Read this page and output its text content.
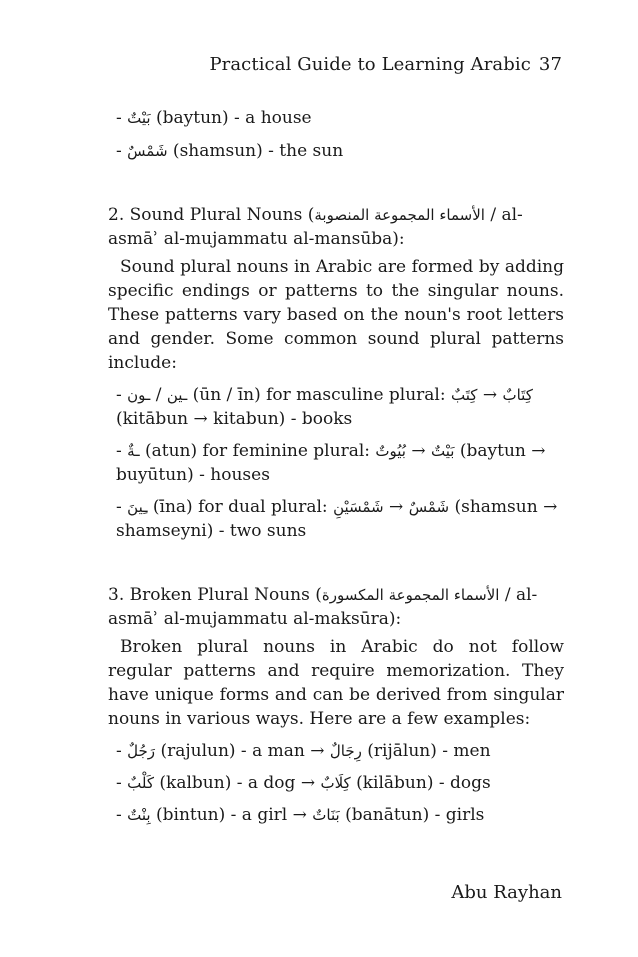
Practical Guide to Learning Arabic 37
- بَيْتٌ (baytun) - a house
- شَمْسٌ (shamsun) - the sun

2. Sound Plural Nouns (الأسماء المجموعة المنصوبة / al-asmāʾ al-mujammatu al-mansūba):

Sound plural nouns in Arabic are formed by adding specific endings or patterns to the singular nouns. These patterns vary based on the noun's root letters and gender. Some common sound plural patterns include:

- ـون / ـين (ūn / īn) for masculine plural: كِتَبٌ → كِتَابٌ (kitābun → kitabun) - books
- ـةٌ (atun) for feminine plural: بُيُوتٌ → بَيْتٌ (baytun → buyūtun) - houses
- ـِينَ (īna) for dual plural: شَمْسَيْنِ → شَمْسٌ (shamsun → shamseyni) - two suns

3. Broken Plural Nouns (الأسماء المجموعة المكسورة / al-asmāʾ al-mujammatu al-maksūra):

Broken plural nouns in Arabic do not follow regular patterns and require memorization. They have unique forms and can be derived from singular nouns in various ways. Here are a few examples:

- رَجُلٌ (rajulun) - a man → رِجَالٌ (rijālun) - men
- كَلْبٌ (kalbun) - a dog → كِلَابٌ (kilābun) - dogs
- بِنْتٌ (bintun) - a girl → بَنَاتٌ (banātun) - girls
Abu Rayhan
